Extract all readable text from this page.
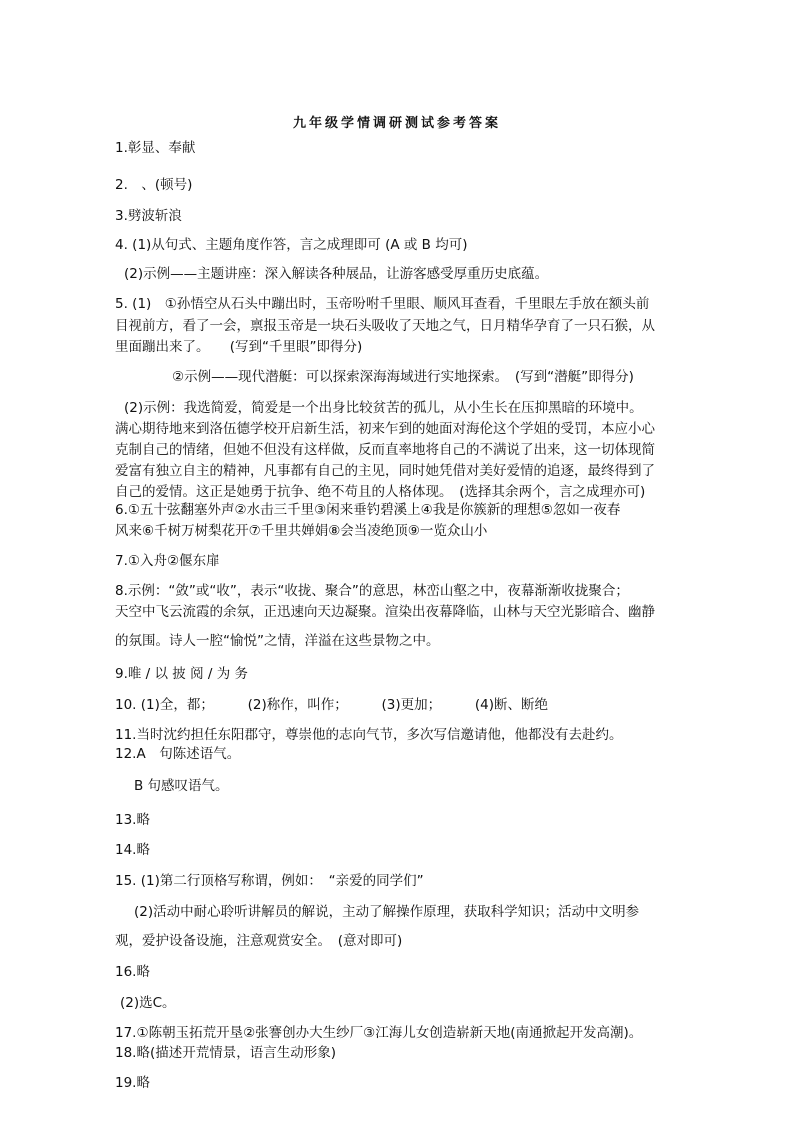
九年级学情调研测试参考答案
1.彰显、奉献
2.　、(顿号)
3.劈波斩浪
4. (1)从句式、主题角度作答，言之成理即可 (A 或 B 均可)
(2)示例——主题讲座：深入解读各种展品，让游客感受厚重历史底蕴。
5. (1)　①孙悟空从石头中蹦出时，玉帝吩咐千里眼、顺风耳查看，千里眼左手放在额头前
目视前方，看了一会，禀报玉帝是一块石头吸收了天地之气，日月精华孕育了一只石猴，从
里面蹦出来了。　　(写到“千里眼”即得分)
②示例——现代潜艇：可以探索深海海域进行实地探索。　(写到“潜艇”即得分)
(2)示例：我选简爱，简爱是一个出身比较贫苦的孤儿，从小生长在压抑黑暗的环境中。
满心期待地来到洛伍德学校开启新生活，初来乍到的她面对海伦这个学姐的受罚，本应小心
克制自己的情绪，但她不但没有这样做，反而直率地将自己的不满说了出来，这一切体现简
爱富有独立自主的精神，凡事都有自己的主见，同时她凭借对美好爱情的追逐，最终得到了
自己的爱情。这正是她勇于抗争、绝不苟且的人格体现。　(选择其余两个，言之成理亦可)
6.①五十弦翻塞外声②水击三千里③闲来垂钓碧溪上④我是你簇新的理想⑤忽如一夜春
风来⑥千树万树梨花开⑦千里共婵娟⑧会当凌绝顶⑨一览众山小
7.①入舟②偃东扉
8.示例：“敛”或“收”，表示“收拢、聚合”的意思，林峦山壑之中，夜幕渐渐收拢聚合；
天空中飞云流霞的余氛，正迅速向天边凝聚。渲染出夜幕降临，山林与天空光影暗合、幽静
的氛围。诗人一腔“愉悦”之情，洋溢在这些景物之中。
9.唯 / 以 披 阅 / 为 务
10. (1)全，都；　　　(2)称作，叫作；　　　(3)更加；　　　(4)断、断绝
11.当时沈约担任东阳郡守，尊崇他的志向气节，多次写信邀请他，他都没有去赴约。
12.A　句陈述语气。
B 句感叹语气。
13.略
14.略
15. (1)第二行顶格写称谓，例如：　“亲爱的同学们”
(2)活动中耐心聆听讲解员的解说，主动了解操作原理，获取科学知识；活动中文明参
观，爱护设备设施，注意观赏安全。　(意对即可)
16.略
(2)选C。
17.①陈朝玉拓荒开垦②张謇创办大生纱厂③江海儿女创造崭新天地(南通掀起开发高潮)。
18.略(描述开荒情景，语言生动形象)
19.略
